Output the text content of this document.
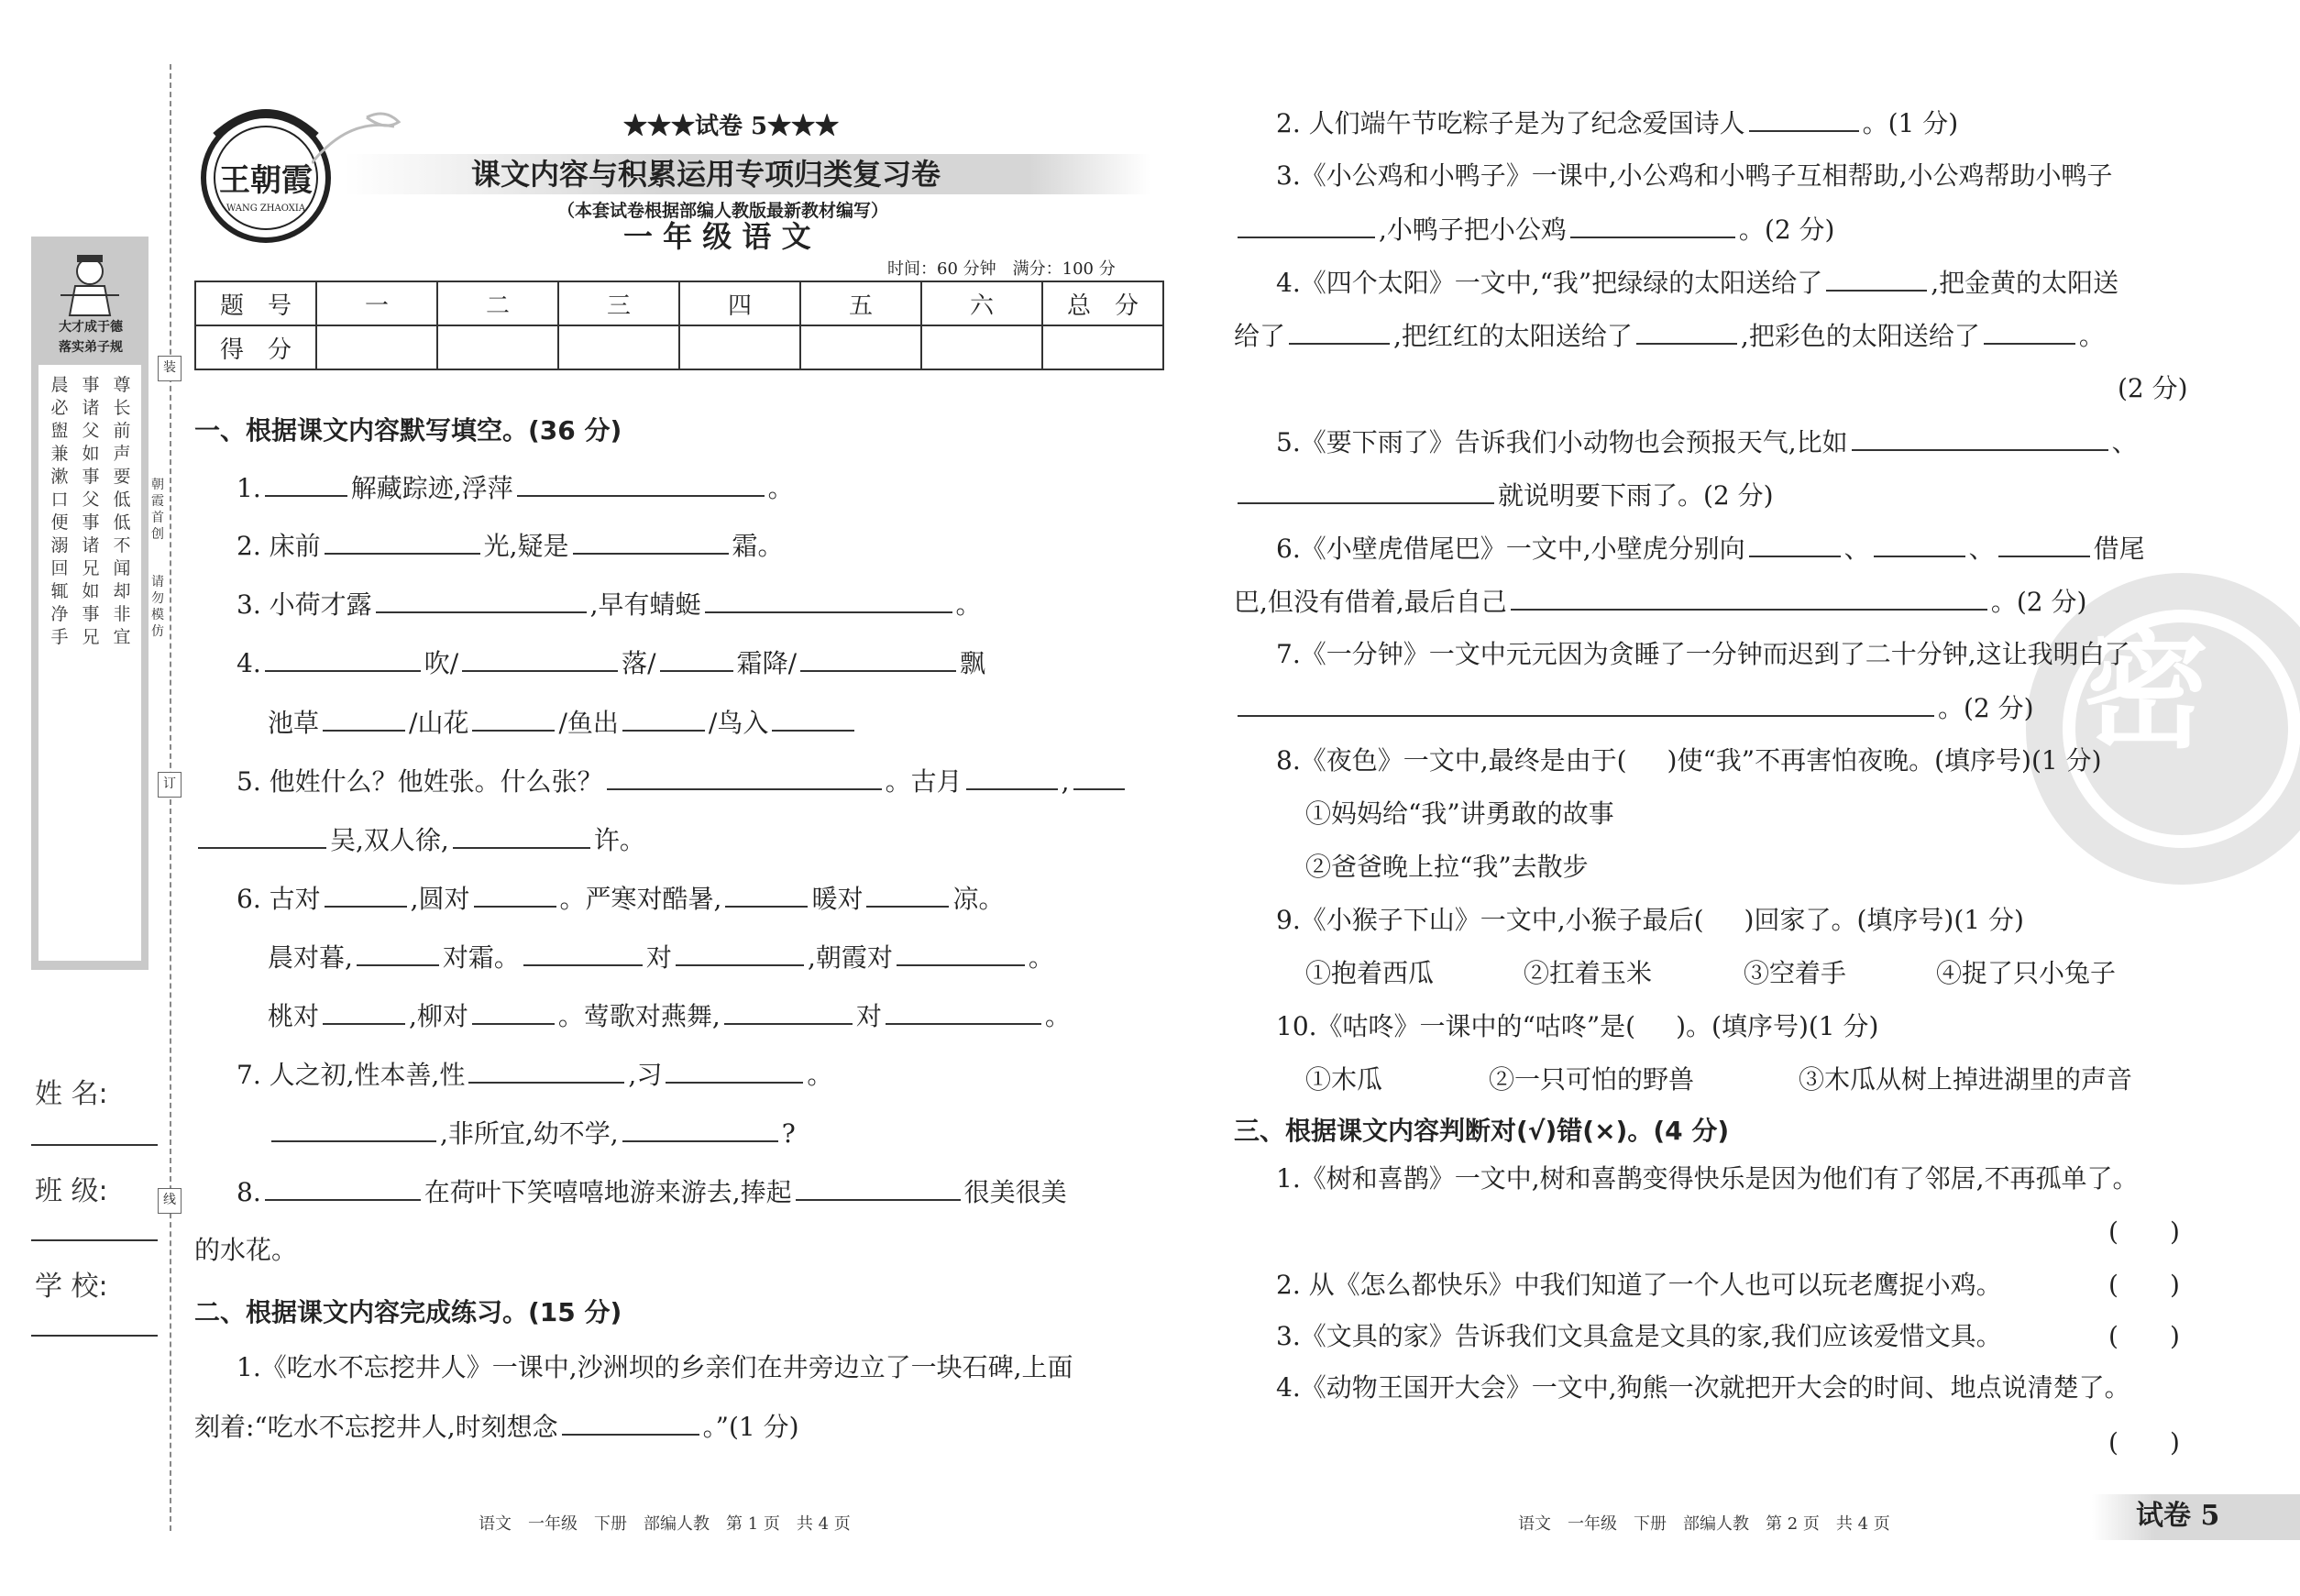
装
订
线
朝霞首创
请勿模仿
大才成于德
落实弟子规
尊长前声要低低不闻却非宜
事诸父如事父事诸兄如事兄
晨必盥兼漱口便溺回辄净手
姓 名:
班 级:
学 校:
王朝霞
WANG ZHAOXIA
★★★试卷 5★★★
课文内容与积累运用专项归类复习卷
（本套试卷根据部编人教版最新教材编写）
一 年 级 语 文
时间：60 分钟　满分：100 分
题　号	一	二	三	四	五	六	总　分
得　分							
一、根据课文内容默写填空。(36 分)
1.	解藏踪迹,浮萍	。
2. 床前	光,疑是	霜。
3. 小荷才露	,早有蜻蜓	。
4.	吹/	落/	霜降/	飘
池草	/山花	/鱼出	/鸟入
5. 他姓什么？他姓张。什么张？	。古月	,
吴,双人徐,	许。
6. 古对	,圆对	。严寒对酷暑,	暖对	凉。
晨对暮,	对霜。	对	,朝霞对	。
桃对	,柳对	。莺歌对燕舞,	对	。
7. 人之初,性本善,性	,习	。
,非所宜,幼不学,	?
8.	在荷叶下笑嘻嘻地游来游去,捧起	很美很美
的水花。
二、根据课文内容完成练习。(15 分)
1.《吃水不忘挖井人》一课中,沙洲坝的乡亲们在井旁边立了一块石碑,上面
刻着:“吃水不忘挖井人,时刻想念	。”(1 分)
语文　一年级　下册　部编人教　第 1 页　共 4 页
密
2. 人们端午节吃粽子是为了纪念爱国诗人	。(1 分)
3.《小公鸡和小鸭子》一课中,小公鸡和小鸭子互相帮助,小公鸡帮助小鸭子
,小鸭子把小公鸡	。(2 分)
4.《四个太阳》一文中,“我”把绿绿的太阳送给了	,把金黄的太阳送
给了	,把红红的太阳送给了	,把彩色的太阳送给了	。
(2 分)
5.《要下雨了》告诉我们小动物也会预报天气,比如	、
就说明要下雨了。(2 分)
6.《小壁虎借尾巴》一文中,小壁虎分别向	、	、	借尾
巴,但没有借着,最后自己	。(2 分)
7.《一分钟》一文中元元因为贪睡了一分钟而迟到了二十分钟,这让我明白了
。(2 分)
8.《夜色》一文中,最终是由于( )使“我”不再害怕夜晚。(填序号)(1 分)
①妈妈给“我”讲勇敢的故事
②爸爸晚上拉“我”去散步
9.《小猴子下山》一文中,小猴子最后( )回家了。(填序号)(1 分)
①抱着西瓜	②扛着玉米	③空着手	④捉了只小兔子
10.《咕咚》一课中的“咕咚”是( )。(填序号)(1 分)
①木瓜	②一只可怕的野兽	③木瓜从树上掉进湖里的声音
三、根据课文内容判断对(√)错(×)。(4 分)
1.《树和喜鹊》一文中,树和喜鹊变得快乐是因为他们有了邻居,不再孤单了。
( )
2. 从《怎么都快乐》中我们知道了一个人也可以玩老鹰捉小鸡。	( )
3.《文具的家》告诉我们文具盒是文具的家,我们应该爱惜文具。	( )
4.《动物王国开大会》一文中,狗熊一次就把开大会的时间、地点说清楚了。
( )
语文　一年级　下册　部编人教　第 2 页　共 4 页	试卷 5
